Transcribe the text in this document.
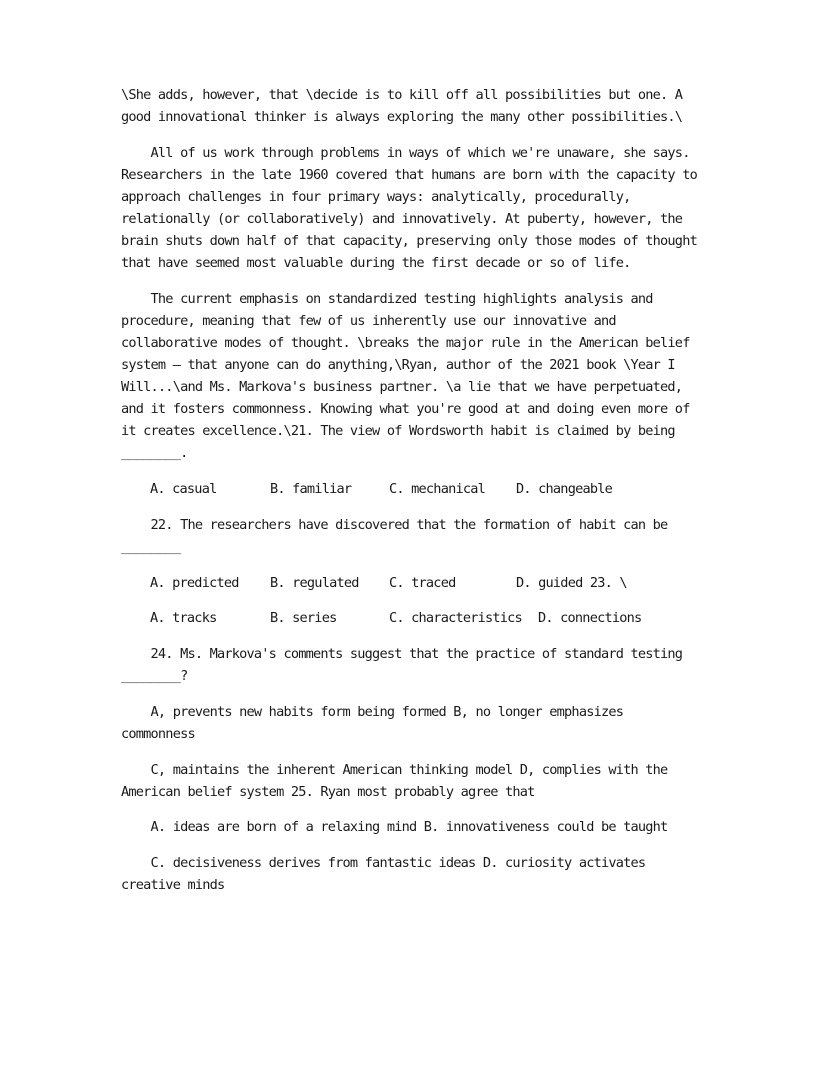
\She adds, however, that \decide is to kill off all possibilities but one. A
good innovational thinker is always exploring the many other possibilities.\

All of us work through problems in ways of which we're unaware, she says.
Researchers in the late 1960 covered that humans are born with the capacity to
approach challenges in four primary ways: analytically, procedurally,
relationally (or collaboratively) and innovatively. At puberty, however, the
brain shuts down half of that capacity, preserving only those modes of thought
that have seemed most valuable during the first decade or so of life.

The current emphasis on standardized testing highlights analysis and
procedure, meaning that few of us inherently use our innovative and
collaborative modes of thought. \breaks the major rule in the American belief
system — that anyone can do anything,\Ryan, author of the 2021 book \Year I
Will...\and Ms. Markova's business partner. \a lie that we have perpetuated,
and it fosters commonness. Knowing what you're good at and doing even more of
it creates excellence.\21. The view of Wordsworth habit is claimed by being
________.

A. casual

	B. familiar

	C. mechanical

D. changeable

22. The researchers have discovered that the formation of habit can be
________

A. predicted

B. regulated

C. traced

	D. guided 23. \

A. tracks

	B. series

	C. characteristics

D. connections

24. Ms. Markova's comments suggest that the practice of standard testing
________?

A, prevents new habits form being formed B, no longer emphasizes
commonness

C, maintains the inherent American thinking model D, complies with the
American belief system 25. Ryan most probably agree that

A. ideas are born of a relaxing mind B. innovativeness could be taught

C. decisiveness derives from fantastic ideas D. curiosity activates
creative minds
